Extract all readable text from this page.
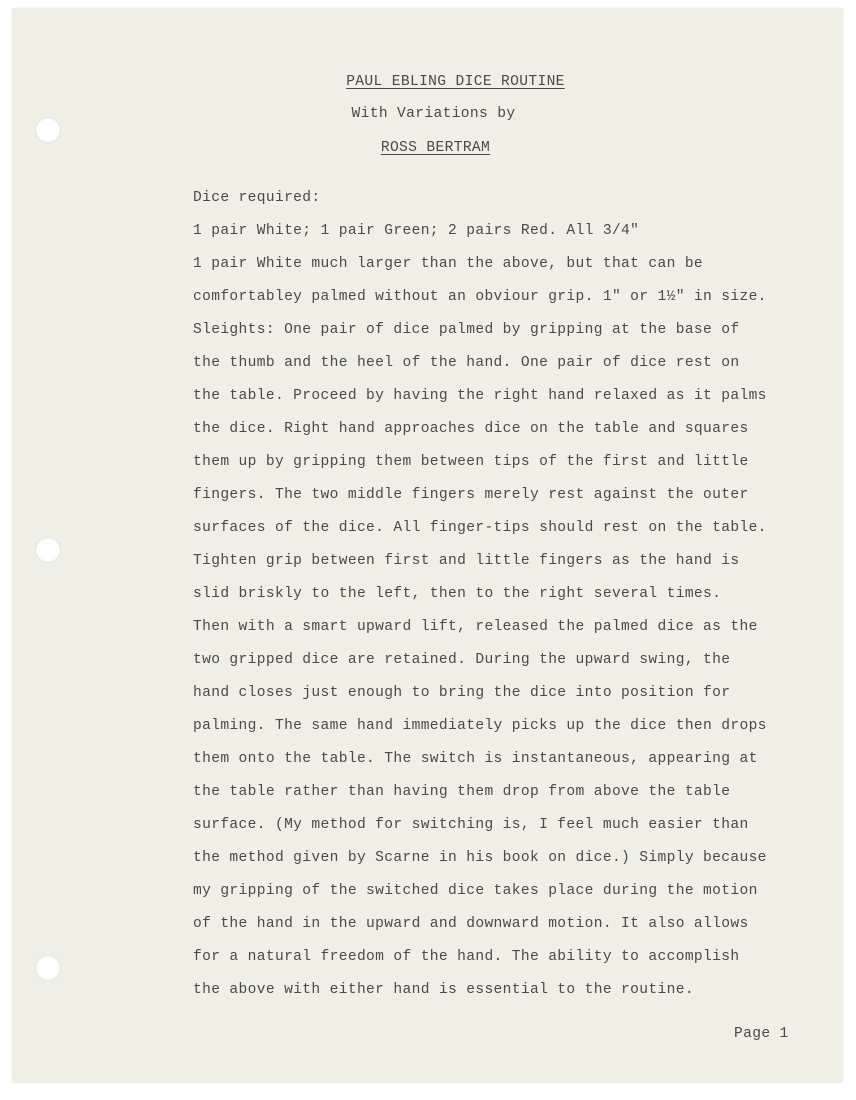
PAUL EBLING DICE ROUTINE
With Variations by
ROSS BERTRAM
Dice required:
1 pair White; 1 pair Green; 2 pairs Red. All 3/4"
1 pair White much larger than the above, but that can be
comfortabley palmed without an obviour grip. 1" or 1½" in size.
Sleights: One pair of dice palmed by gripping at the base of
the thumb and the heel of the hand. One pair of dice rest on
the table. Proceed by having the right hand relaxed as it palms
the dice. Right hand approaches dice on the table and squares
them up by gripping them between tips of the first and little
fingers. The two middle fingers merely rest against the outer
surfaces of the dice. All finger-tips should rest on the table.
Tighten grip between first and little fingers as the hand is
slid briskly to the left, then to the right several times.
Then with a smart upward lift, released the palmed dice as the
two gripped dice are retained. During the upward swing, the
hand closes just enough to bring the dice into position for
palming. The same hand immediately picks up the dice then drops
them onto the table. The switch is instantaneous, appearing at
the table rather than having them drop from above the table
surface. (My method for switching is, I feel much easier than
the method given by Scarne in his book on dice.) Simply because
my gripping of the switched dice takes place during the motion
of the hand in the upward and downward motion. It also allows
for a natural freedom of the hand. The ability to accomplish
the above with either hand is essential to the routine.
Page 1
